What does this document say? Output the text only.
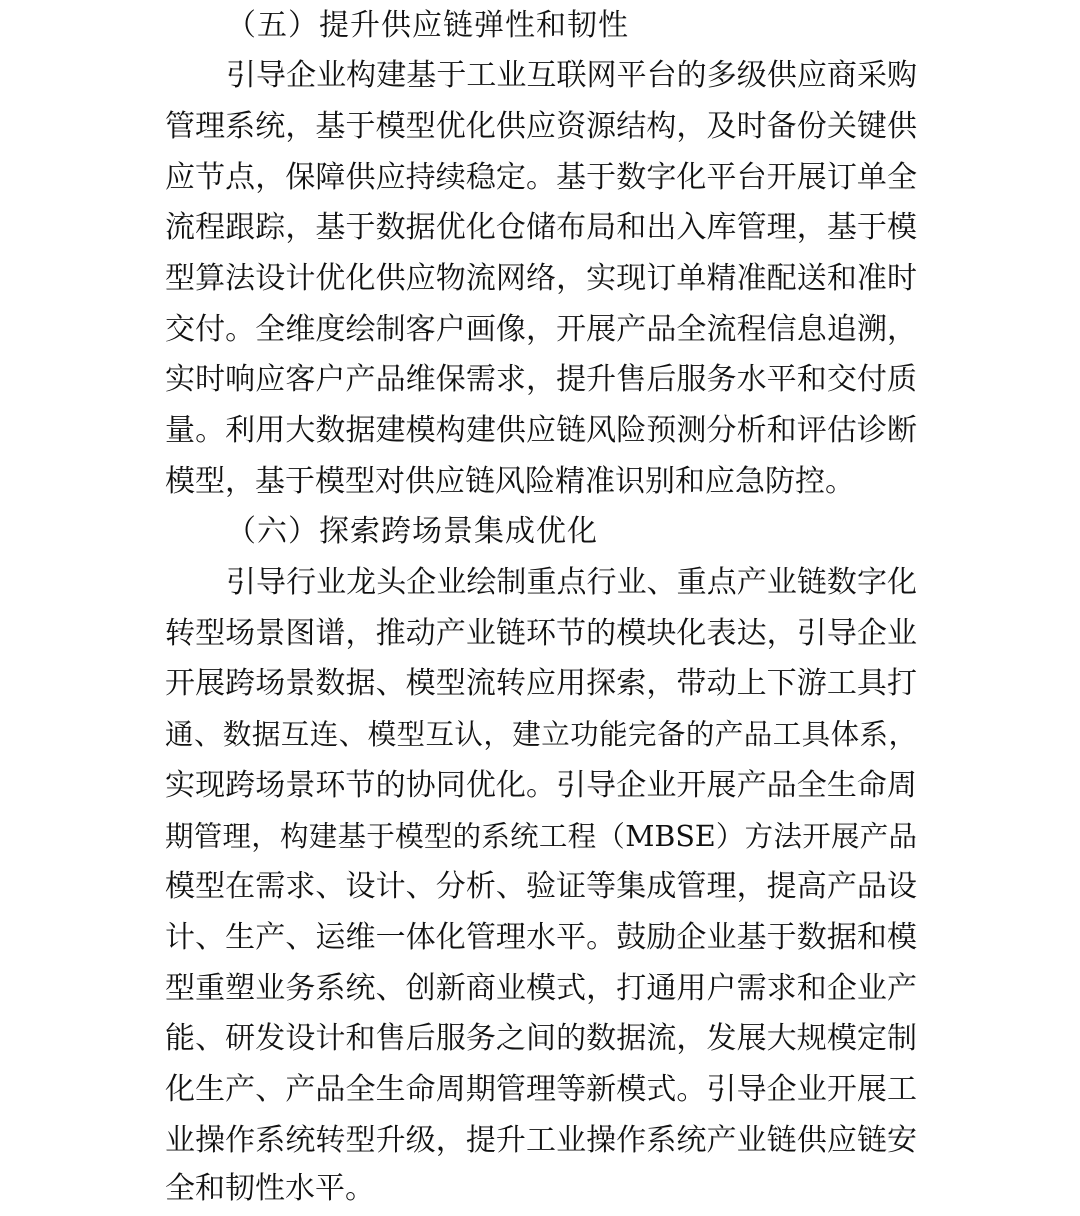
（五）提升供应链弹性和韧性
引导企业构建基于工业互联网平台的多级供应商采购
管理系统，基于模型优化供应资源结构，及时备份关键供
应节点，保障供应持续稳定。基于数字化平台开展订单全
流程跟踪，基于数据优化仓储布局和出入库管理，基于模
型算法设计优化供应物流网络，实现订单精准配送和准时
交付。全维度绘制客户画像，开展产品全流程信息追溯，
实时响应客户产品维保需求，提升售后服务水平和交付质
量。利用大数据建模构建供应链风险预测分析和评估诊断
模型，基于模型对供应链风险精准识别和应急防控。
（六）探索跨场景集成优化
引导行业龙头企业绘制重点行业、重点产业链数字化
转型场景图谱，推动产业链环节的模块化表达，引导企业
开展跨场景数据、模型流转应用探索，带动上下游工具打
通、数据互连、模型互认，建立功能完备的产品工具体系，
实现跨场景环节的协同优化。引导企业开展产品全生命周
期管理，构建基于模型的系统工程（MBSE）方法开展产品
模型在需求、设计、分析、验证等集成管理，提高产品设
计、生产、运维一体化管理水平。鼓励企业基于数据和模
型重塑业务系统、创新商业模式，打通用户需求和企业产
能、研发设计和售后服务之间的数据流，发展大规模定制
化生产、产品全生命周期管理等新模式。引导企业开展工
业操作系统转型升级，提升工业操作系统产业链供应链安
全和韧性水平。
